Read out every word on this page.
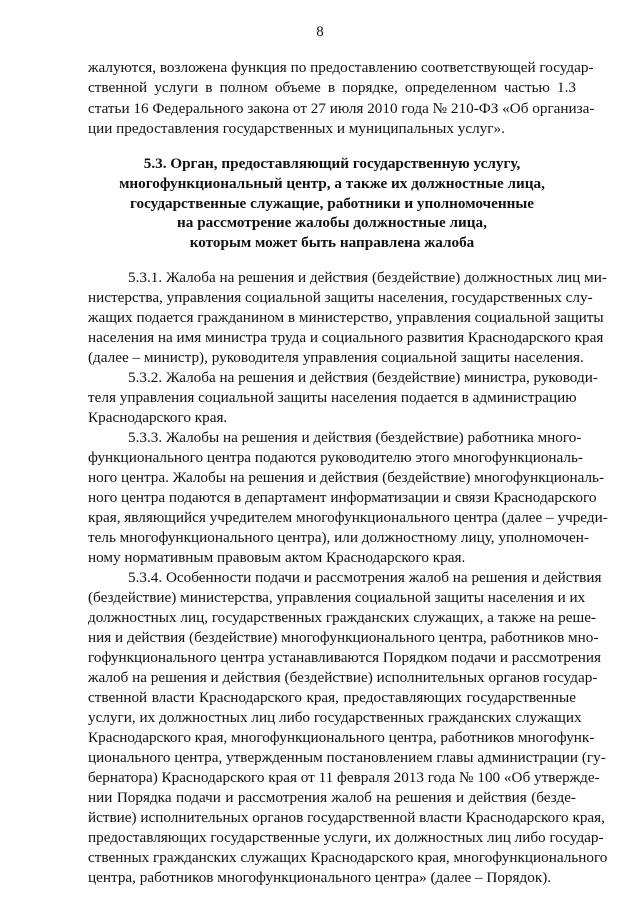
8
жалуются, возложена функция по предоставлению соответствующей государ-
ственной услуги в полном объеме в порядке, определенном частью 1.3
статьи 16 Федерального закона от 27 июля 2010 года № 210-ФЗ «Об организа-
ции предоставления государственных и муниципальных услуг».
5.3. Орган, предоставляющий государственную услугу,
многофункциональный центр, а также их должностные лица,
государственные служащие, работники и уполномоченные
на рассмотрение жалобы должностные лица,
которым может быть направлена жалоба
5.3.1. Жалоба на решения и действия (бездействие) должностных лиц ми-
нистерства, управления социальной защиты населения, государственных слу-
жащих подается гражданином в министерство, управления социальной защиты
населения на имя министра труда и социального развития Краснодарского края
(далее – министр), руководителя управления социальной защиты населения.
5.3.2. Жалоба на решения и действия (бездействие) министра, руководи-
теля управления социальной защиты населения подается в администрацию
Краснодарского края.
5.3.3. Жалобы на решения и действия (бездействие) работника много-
функционального центра подаются руководителю этого многофункциональ-
ного центра. Жалобы на решения и действия (бездействие) многофункциональ-
ного центра подаются в департамент информатизации и связи Краснодарского
края, являющийся учредителем многофункционального центра (далее – учреди-
тель многофункционального центра), или должностному лицу, уполномочен-
ному нормативным правовым актом Краснодарского края.
5.3.4. Особенности подачи и рассмотрения жалоб на решения и действия
(бездействие) министерства, управления социальной защиты населения и их
должностных лиц, государственных гражданских служащих, а также на реше-
ния и действия (бездействие) многофункционального центра, работников мно-
гофункционального центра устанавливаются Порядком подачи и рассмотрения
жалоб на решения и действия (бездействие) исполнительных органов государ-
ственной власти Краснодарского края, предоставляющих государственные
услуги, их должностных лиц либо государственных гражданских служащих
Краснодарского края, многофункционального центра, работников многофунк-
ционального центра, утвержденным постановлением главы администрации (гу-
бернатора) Краснодарского края от 11 февраля 2013 года № 100 «Об утвержде-
нии Порядка подачи и рассмотрения жалоб на решения и действия (безде-
йствие) исполнительных органов государственной власти Краснодарского края,
предоставляющих государственные услуги, их должностных лиц либо государ-
ственных гражданских служащих Краснодарского края, многофункционального
центра, работников многофункционального центра» (далее – Порядок).
